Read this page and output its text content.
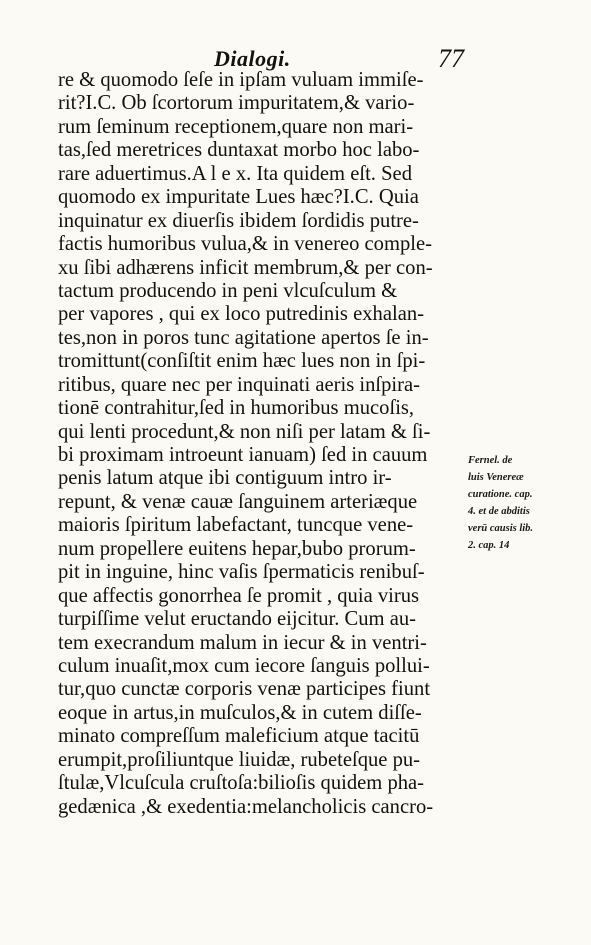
Dialogi.	77
re & quomodo ſeſe in ipſam vuluam immiſe-
rit?I.C. Ob ſcortorum impuritatem,& vario-
rum ſeminum receptionem,quare non mari-
tas,ſed meretrices duntaxat morbo hoc labo-
rare aduertimus.A l e x. Ita quidem eſt. Sed
quomodo ex impuritate Lues hæc?I.C. Quia
inquinatur ex diuerſis ibidem ſordidis putre-
factis humoribus vulua,& in venereo comple-
xu ſibi adhærens inficit membrum,& per con-
tactum producendo in peni vlcuſculum &
per vapores , qui ex loco putredinis exhalan-
tes,non in poros tunc agitatione apertos ſe in-
tromittunt(conſiſtit enim hæc lues non in ſpi-
ritibus, quare nec per inquinati aeris inſpira-
tionē contrahitur,ſed in humoribus mucoſis,
qui lenti procedunt,& non niſi per latam & ſi-
bi proximam introeunt ianuam) ſed in cauum
penis latum atque ibi contiguum intro ir-
repunt, & venæ cauæ ſanguinem arteriæque
maioris ſpiritum labefactant, tuncque vene-
num propellere euitens hepar,bubo prorum-
pit in inguine, hinc vaſis ſpermaticis renibuſ-
que affectis gonorrhea ſe promit , quia virus
turpiſſime velut eructando eijcitur. Cum au-
tem execrandum malum in iecur & in ventri-
culum inuaſit,mox cum iecore ſanguis pollui-
tur,quo cunctæ corporis venæ participes fiunt
eoque in artus,in muſculos,& in cutem diſſe-
minato compreſſum maleficium atque tacitū
erumpit,proſiliuntque liuidæ, rubeteſque pu-
ſtulæ,Vlcuſcula cruſtoſa:bilioſis quidem pha-
gedænica ,& exedentia:melancholicis cancro-
Fernel. de
luis Venereæ
curatione. cap.
4. et de abditis
verū causis lib.
2. cap. 14
